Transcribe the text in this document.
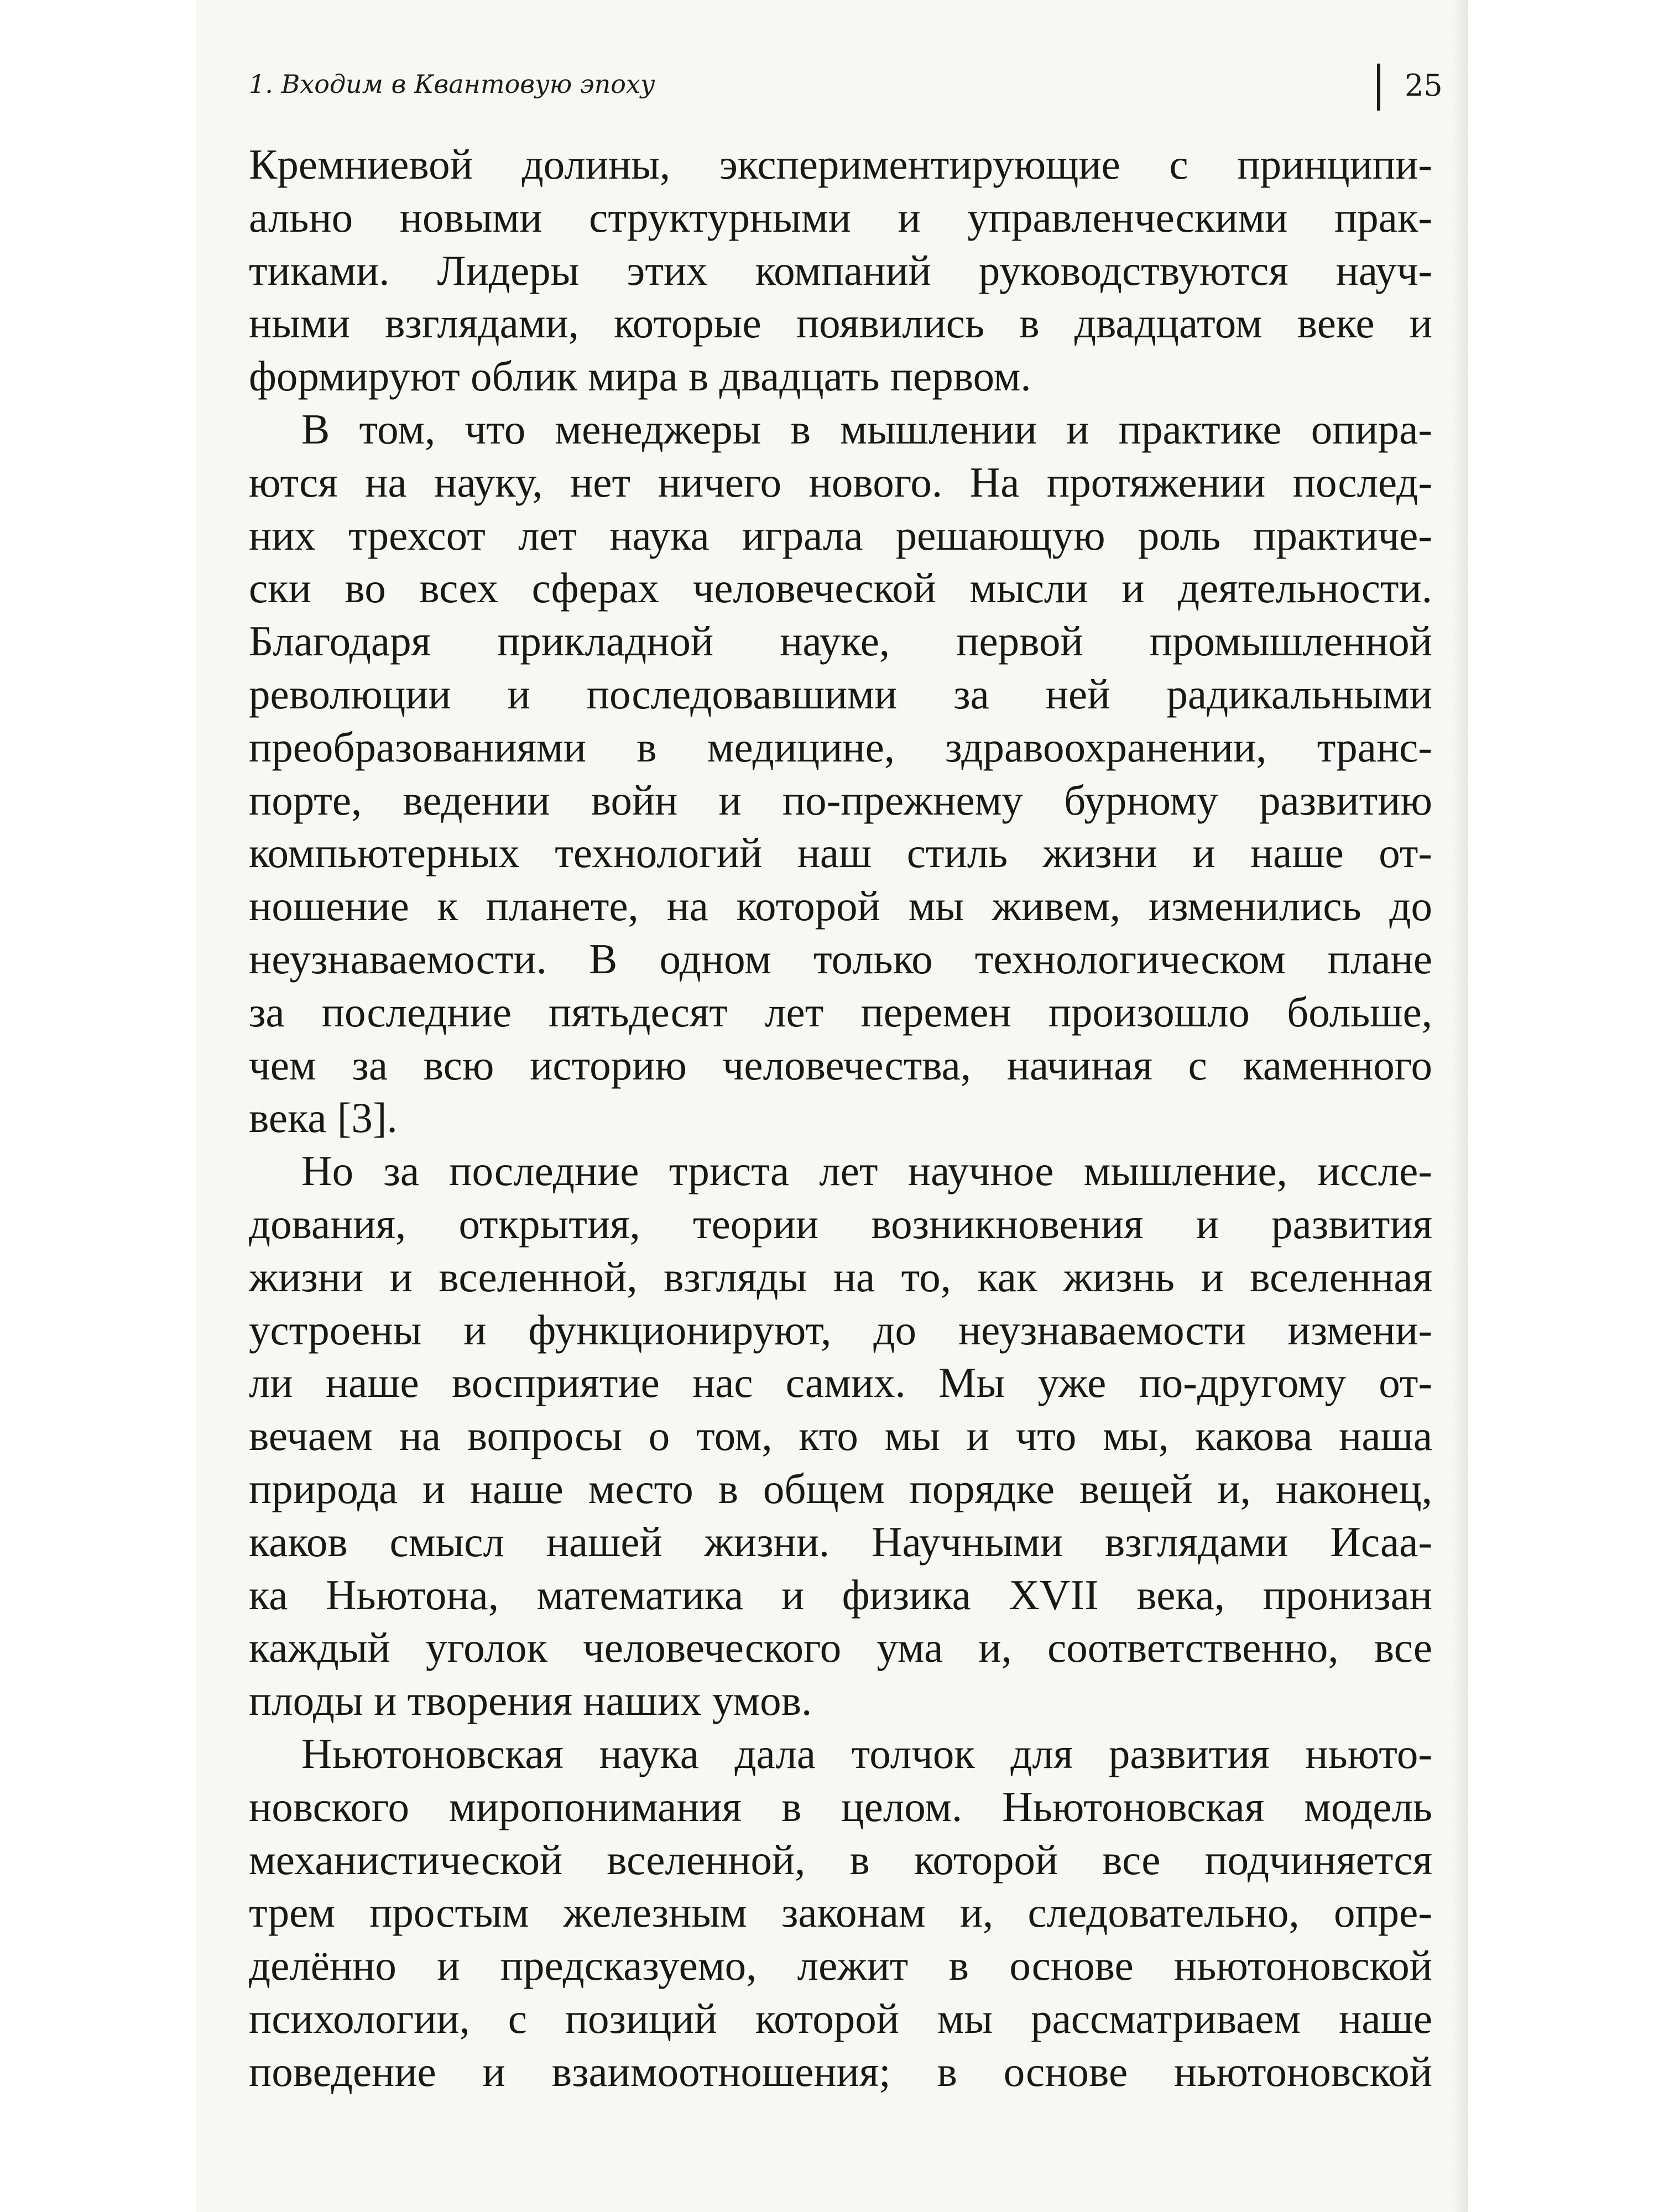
1. Входим в Квантовую эпоху	25
Кремниевой долины, экспериментирующие с принципи-
ально новыми структурными и управленческими прак-
тиками. Лидеры этих компаний руководствуются науч-
ными взглядами, которые появились в двадцатом веке и
формируют облик мира в двадцать первом.
В том, что менеджеры в мышлении и практике опира-
ются на науку, нет ничего нового. На протяжении послед-
них трехсот лет наука играла решающую роль практиче-
ски во всех сферах человеческой мысли и деятельности.
Благодаря прикладной науке, первой промышленной
революции и последовавшими за ней радикальными
преобразованиями в медицине, здравоохранении, транс-
порте, ведении войн и по-прежнему бурному развитию
компьютерных технологий наш стиль жизни и наше от-
ношение к планете, на которой мы живем, изменились до
неузнаваемости. В одном только технологическом плане
за последние пятьдесят лет перемен произошло больше,
чем за всю историю человечества, начиная с каменного
века [3].
Но за последние триста лет научное мышление, иссле-
дования, открытия, теории возникновения и развития
жизни и вселенной, взгляды на то, как жизнь и вселенная
устроены и функционируют, до неузнаваемости измени-
ли наше восприятие нас самих. Мы уже по-другому от-
вечаем на вопросы о том, кто мы и что мы, какова наша
природа и наше место в общем порядке вещей и, наконец,
каков смысл нашей жизни. Научными взглядами Исаа-
ка Ньютона, математика и физика XVII века, пронизан
каждый уголок человеческого ума и, соответственно, все
плоды и творения наших умов.
Ньютоновская наука дала толчок для развития ньюто-
новского миропонимания в целом. Ньютоновская модель
механистической вселенной, в которой все подчиняется
трем простым железным законам и, следовательно, опре-
делённо и предсказуемо, лежит в основе ньютоновской
психологии, с позиций которой мы рассматриваем наше
поведение и взаимоотношения; в основе ньютоновской
